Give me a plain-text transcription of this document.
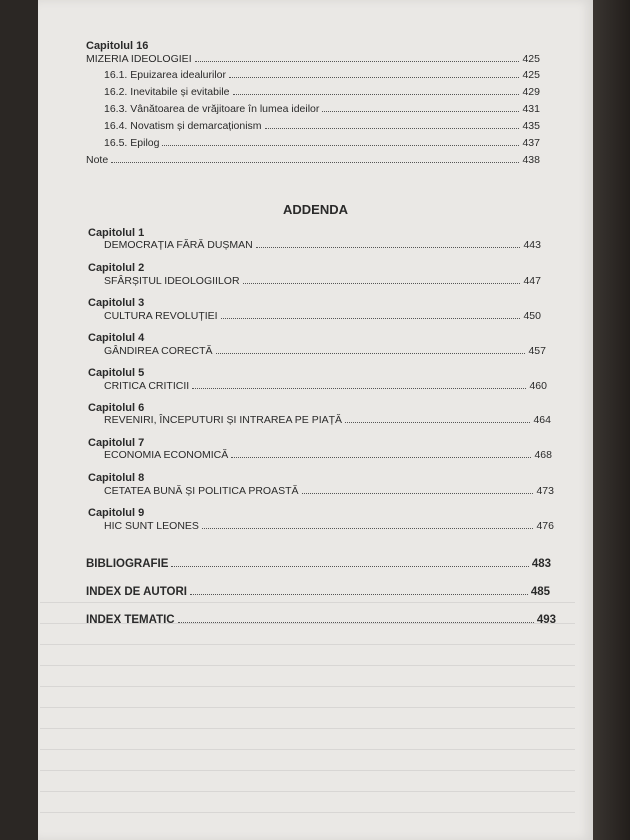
Capitolul 16
MIZERIA IDEOLOGIEI	425
16.1. Epuizarea idealurilor	425
16.2. Inevitabile și evitabile	429
16.3. Vânătoarea de vrăjitoare în lumea ideilor	431
16.4. Novatism și demarcaționism	435
16.5. Epilog	437
Note	438
ADDENDA
Capitolul 1
DEMOCRAȚIA FĂRĂ DUȘMAN	443
Capitolul 2
SFÂRȘITUL IDEOLOGIILOR	447
Capitolul 3
CULTURA REVOLUȚIEI	450
Capitolul 4
GÂNDIREA CORECTĂ	457
Capitolul 5
CRITICA CRITICII	460
Capitolul 6
REVENIRI, ÎNCEPUTURI ȘI INTRAREA PE PIAȚĂ	464
Capitolul 7
ECONOMIA ECONOMICĂ	468
Capitolul 8
CETATEA BUNĂ ȘI POLITICA PROASTĂ	473
Capitolul 9
HIC SUNT LEONES	476
BIBLIOGRAFIE	483
INDEX DE AUTORI	485
INDEX TEMATIC	493
